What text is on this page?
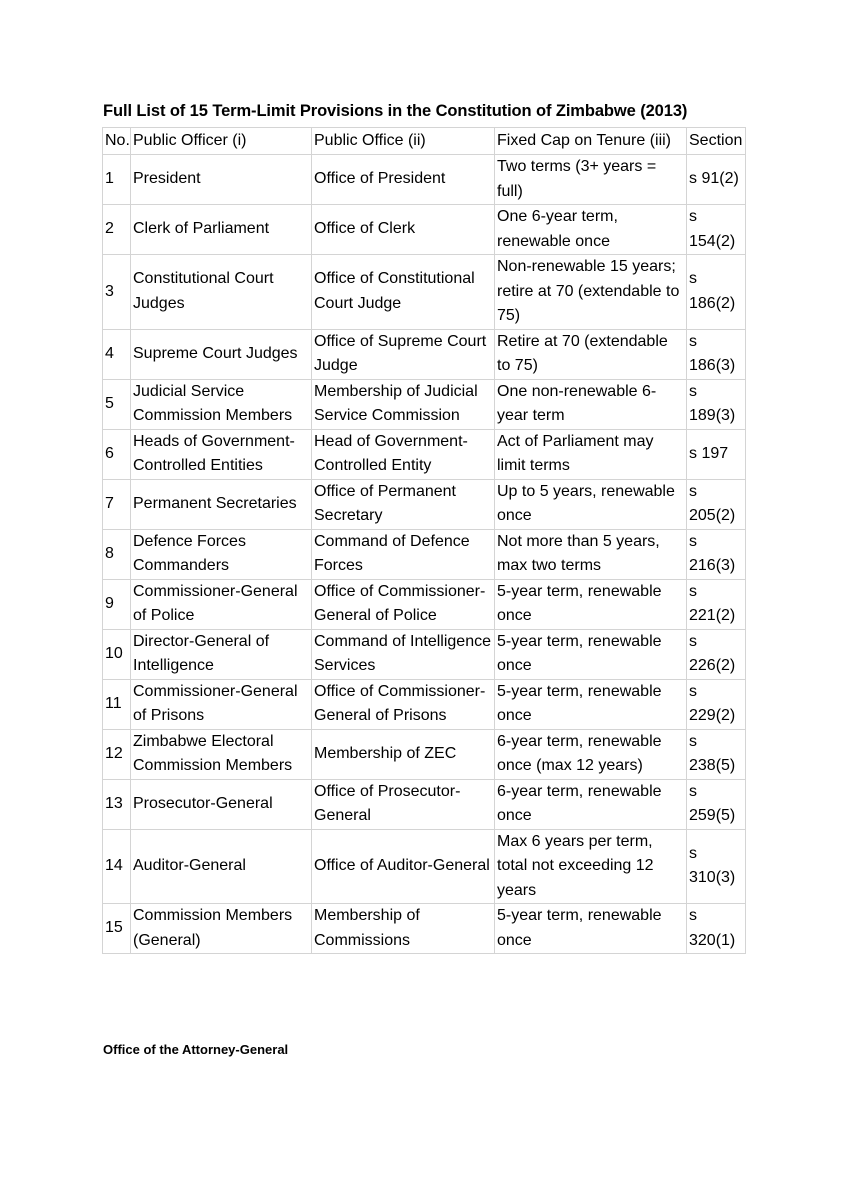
Full List of 15 Term-Limit Provisions in the Constitution of Zimbabwe (2013)
No.	Public Officer (i)	Public Office (ii)	Fixed Cap on Tenure (iii)	Section
1	President	Office of President	Two terms (3+ years = full)	s 91(2)
2	Clerk of Parliament	Office of Clerk	One 6-year term, renewable once	s 154(2)
3	Constitutional Court Judges	Office of Constitutional Court Judge	Non-renewable 15 years; retire at 70 (extendable to 75)	s 186(2)
4	Supreme Court Judges	Office of Supreme Court Judge	Retire at 70 (extendable to 75)	s 186(3)
5	Judicial Service Commission Members	Membership of Judicial Service Commission	One non-renewable 6-year term	s 189(3)
6	Heads of Government-Controlled Entities	Head of Government-Controlled Entity	Act of Parliament may limit terms	s 197
7	Permanent Secretaries	Office of Permanent Secretary	Up to 5 years, renewable once	s 205(2)
8	Defence Forces Commanders	Command of Defence Forces	Not more than 5 years, max two terms	s 216(3)
9	Commissioner-General of Police	Office of Commissioner-General of Police	5-year term, renewable once	s 221(2)
10	Director-General of Intelligence	Command of Intelligence Services	5-year term, renewable once	s 226(2)
11	Commissioner-General of Prisons	Office of Commissioner-General of Prisons	5-year term, renewable once	s 229(2)
12	Zimbabwe Electoral Commission Members	Membership of ZEC	6-year term, renewable once (max 12 years)	s 238(5)
13	Prosecutor-General	Office of Prosecutor-General	6-year term, renewable once	s 259(5)
14	Auditor-General	Office of Auditor-General	Max 6 years per term, total not exceeding 12 years	s 310(3)
15	Commission Members (General)	Membership of Commissions	5-year term, renewable once	s 320(1)
Office of the Attorney-General
